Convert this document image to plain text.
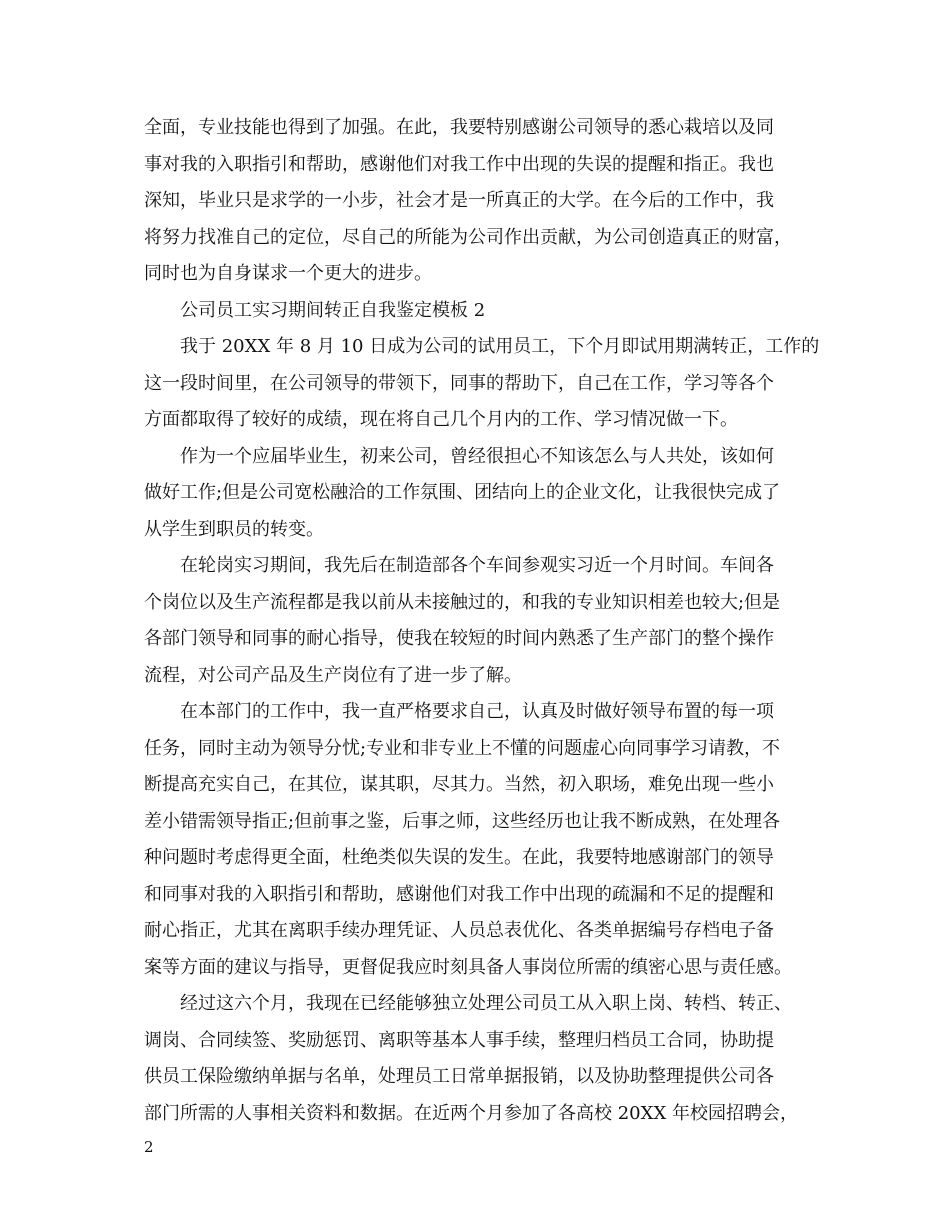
全面，专业技能也得到了加强。在此，我要特别感谢公司领导的悉心栽培以及同
事对我的入职指引和帮助，感谢他们对我工作中出现的失误的提醒和指正。我也
深知，毕业只是求学的一小步，社会才是一所真正的大学。在今后的工作中，我
将努力找准自己的定位，尽自己的所能为公司作出贡献，为公司创造真正的财富，
同时也为自身谋求一个更大的进步。
公司员工实习期间转正自我鉴定模板 2
我于 20XX 年 8 月 10 日成为公司的试用员工，下个月即试用期满转正，工作的
这一段时间里，在公司领导的带领下，同事的帮助下，自己在工作，学习等各个
方面都取得了较好的成绩，现在将自己几个月内的工作、学习情况做一下。
作为一个应届毕业生，初来公司，曾经很担心不知该怎么与人共处，该如何
做好工作;但是公司宽松融洽的工作氛围、团结向上的企业文化，让我很快完成了
从学生到职员的转变。
在轮岗实习期间，我先后在制造部各个车间参观实习近一个月时间。车间各
个岗位以及生产流程都是我以前从未接触过的，和我的专业知识相差也较大;但是
各部门领导和同事的耐心指导，使我在较短的时间内熟悉了生产部门的整个操作
流程，对公司产品及生产岗位有了进一步了解。
在本部门的工作中，我一直严格要求自己，认真及时做好领导布置的每一项
任务，同时主动为领导分忧;专业和非专业上不懂的问题虚心向同事学习请教，不
断提高充实自己，在其位，谋其职，尽其力。当然，初入职场，难免出现一些小
差小错需领导指正;但前事之鉴，后事之师，这些经历也让我不断成熟，在处理各
种问题时考虑得更全面，杜绝类似失误的发生。在此，我要特地感谢部门的领导
和同事对我的入职指引和帮助，感谢他们对我工作中出现的疏漏和不足的提醒和
耐心指正，尤其在离职手续办理凭证、人员总表优化、各类单据编号存档电子备
案等方面的建议与指导，更督促我应时刻具备人事岗位所需的缜密心思与责任感。
经过这六个月，我现在已经能够独立处理公司员工从入职上岗、转档、转正、
调岗、合同续签、奖励惩罚、离职等基本人事手续，整理归档员工合同，协助提
供员工保险缴纳单据与名单，处理员工日常单据报销，以及协助整理提供公司各
部门所需的人事相关资料和数据。在近两个月参加了各高校 20XX 年校园招聘会，
2
